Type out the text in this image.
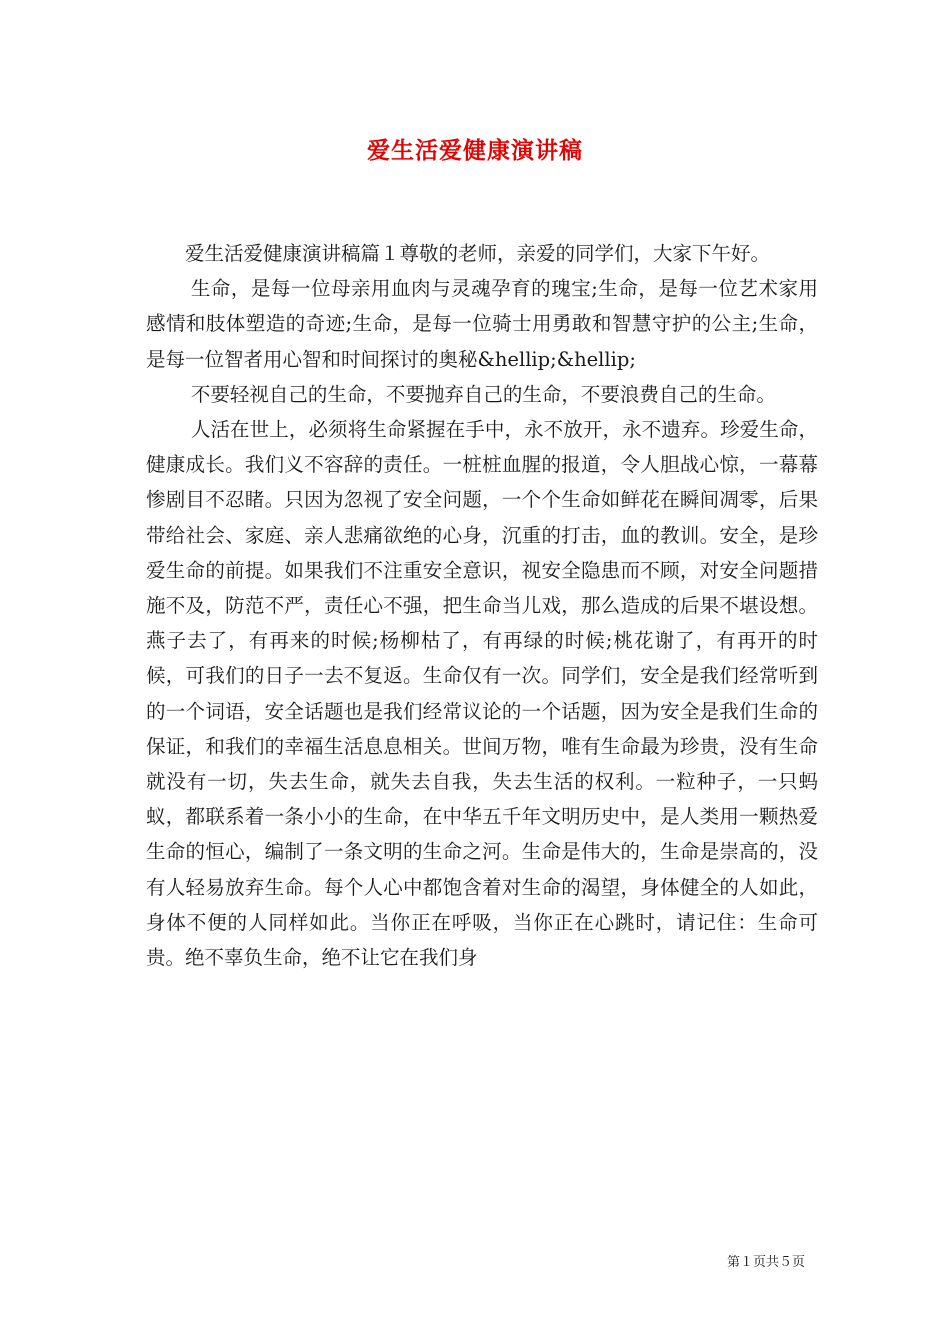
爱生活爱健康演讲稿

爱生活爱健康演讲稿篇１尊敬的老师，亲爱的同学们，大家下午好。

生命，是每一位母亲用血肉与灵魂孕育的瑰宝;生命，是每一位艺术家用感情和肢体塑造的奇迹;生命，是每一位骑士用勇敢和智慧守护的公主;生命，是每一位智者用心智和时间探讨的奥秘&hellip;&hellip;

不要轻视自己的生命，不要抛弃自己的生命，不要浪费自己的生命。

人活在世上，必须将生命紧握在手中，永不放开，永不遗弃。珍爱生命，健康成长。我们义不容辞的责任。一桩桩血腥的报道，令人胆战心惊，一幕幕惨剧目不忍睹。只因为忽视了安全问题，一个个生命如鲜花在瞬间凋零，后果带给社会、家庭、亲人悲痛欲绝的心身，沉重的打击，血的教训。安全，是珍爱生命的前提。如果我们不注重安全意识，视安全隐患而不顾，对安全问题措施不及，防范不严，责任心不强，把生命当儿戏，那么造成的后果不堪设想。燕子去了，有再来的时候;杨柳枯了，有再绿的时候;桃花谢了，有再开的时候，可我们的日子一去不复返。生命仅有一次。同学们，安全是我们经常听到的一个词语，安全话题也是我们经常议论的一个话题，因为安全是我们生命的保证，和我们的幸福生活息息相关。世间万物，唯有生命最为珍贵，没有生命就没有一切，失去生命，就失去自我，失去生活的权利。一粒种子，一只蚂蚁，都联系着一条小小的生命，在中华五千年文明历史中，是人类用一颗热爱生命的恒心，编制了一条文明的生命之河。生命是伟大的，生命是崇高的，没有人轻易放弃生命。每个人心中都饱含着对生命的渴望，身体健全的人如此，身体不便的人同样如此。当你正在呼吸，当你正在心跳时，请记住：生命可贵。绝不辜负生命，绝不让它在我们身

第１页共５页
